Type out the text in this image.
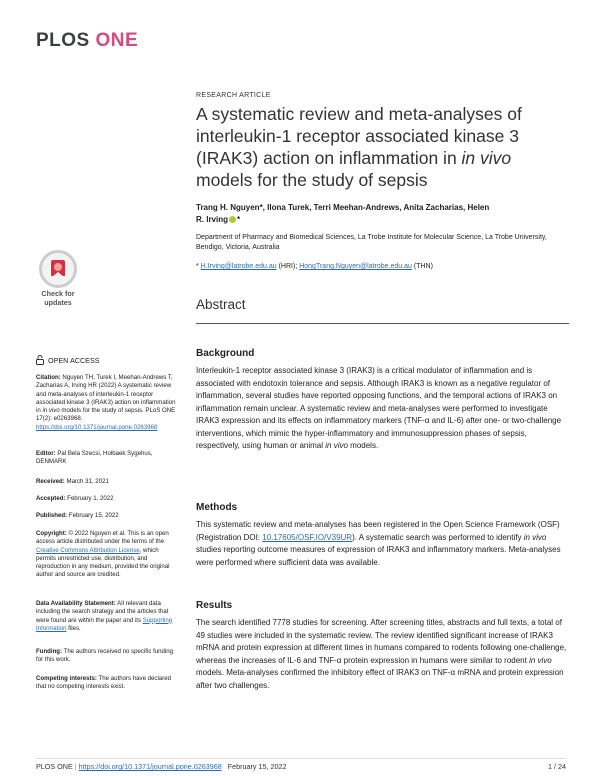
PLOS ONE
RESEARCH ARTICLE
A systematic review and meta-analyses of
interleukin-1 receptor associated kinase 3
(IRAK3) action on inflammation in in vivo
models for the study of sepsis
Trang H. Nguyen*, Ilona Turek, Terri Meehan-Andrews, Anita Zacharias, Helen
R. Irving *
Department of Pharmacy and Biomedical Sciences, La Trobe Institute for Molecular Science, La Trobe University, Bendigo, Victoria, Australia
* H.Irving@latrobe.edu.au (HRI); HongTrang.Nguyen@latrobe.edu.au (THN)
Check for
updates	Abstract
OPEN ACCESS
Citation: Nguyen TH, Turek I, Meehan-Andrews T, Zacharias A, Irving HR (2022) A systematic review and meta-analyses of interleukin-1 receptor associated kinase 3 (IRAK3) action on inflammation in in vivo models for the study of sepsis. PLoS ONE 17(2): e0263968. https://doi.org/10.1371/journal.pone.0263968
Editor: Pal Bela Szecsi, Holbaek Sygehus, DENMARK
Received: March 31, 2021
Accepted: February 1, 2022
Published: February 15, 2022
Copyright: © 2022 Nguyen et al. This is an open access article distributed under the terms of the Creative Commons Attribution License, which permits unrestricted use, distribution, and reproduction in any medium, provided the original author and source are credited.
Data Availability Statement: All relevant data including the search strategy and the articles that were found are within the paper and its Supporting Information files.
Funding: The authors received no specific funding for this work.
Competing interests: The authors have declared that no competing interests exist.
Background
Interleukin-1 receptor associated kinase 3 (IRAK3) is a critical modulator of inflammation and is associated with endotoxin tolerance and sepsis. Although IRAK3 is known as a negative regulator of inflammation, several studies have reported opposing functions, and the temporal actions of IRAK3 on inflammation remain unclear. A systematic review and meta-analyses were performed to investigate IRAK3 expression and its effects on inflammatory markers (TNF-α and IL-6) after one- or two-challenge interventions, which mimic the hyper-inflammatory and immunosuppression phases of sepsis, respectively, using human or animal in vivo models.
Methods
This systematic review and meta-analyses has been registered in the Open Science Framework (OSF) (Registration DOI: 10.17605/OSF.IO/V39UR). A systematic search was performed to identify in vivo studies reporting outcome measures of expression of IRAK3 and inflammatory markers. Meta-analyses were performed where sufficient data was available.
Results
The search identified 7778 studies for screening. After screening titles, abstracts and full texts, a total of 49 studies were included in the systematic review. The review identified significant increase of IRAK3 mRNA and protein expression at different times in humans compared to rodents following one-challenge, whereas the increases of IL-6 and TNF-α protein expression in humans were similar to rodent in vivo models. Meta-analyses confirmed the inhibitory effect of IRAK3 on TNF-α mRNA and protein expression after two challenges.
PLOS ONE | https://doi.org/10.1371/journal.pone.0263968 February 15, 2022	1 / 24
